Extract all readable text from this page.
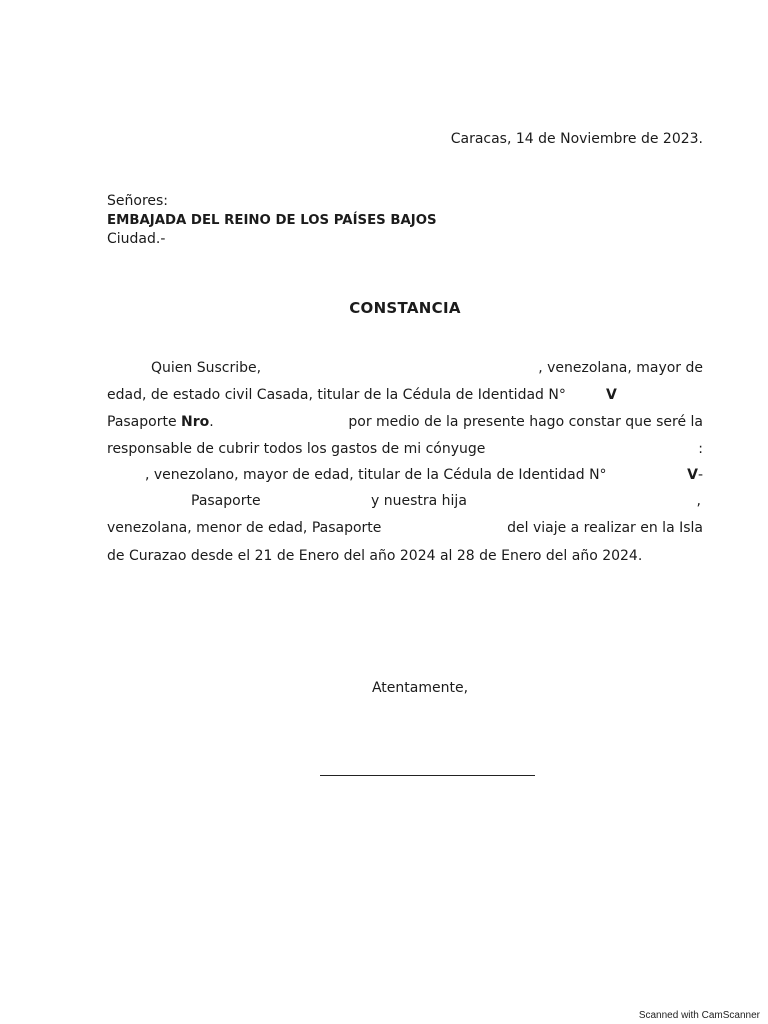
Caracas, 14 de Noviembre de 2023.
Señores:
EMBAJADA DEL REINO DE LOS PAÍSES BAJOS
Ciudad.-
CONSTANCIA
Quien Suscribe,	, venezolana, mayor de
edad, de estado civil Casada, titular de la Cédula de Identidad N°	V
Pasaporte Nro.	por medio de la presente hago constar que seré la
responsable de cubrir todos los gastos de mi cónyuge	:
, venezolano, mayor de edad, titular de la Cédula de Identidad N°	V-
Pasaporte	y nuestra hija	,
venezolana, menor de edad, Pasaporte	del viaje a realizar en la Isla
de Curazao desde el 21 de Enero del año 2024 al 28 de Enero del año 2024.
Atentamente,
Scanned with CamScanner
